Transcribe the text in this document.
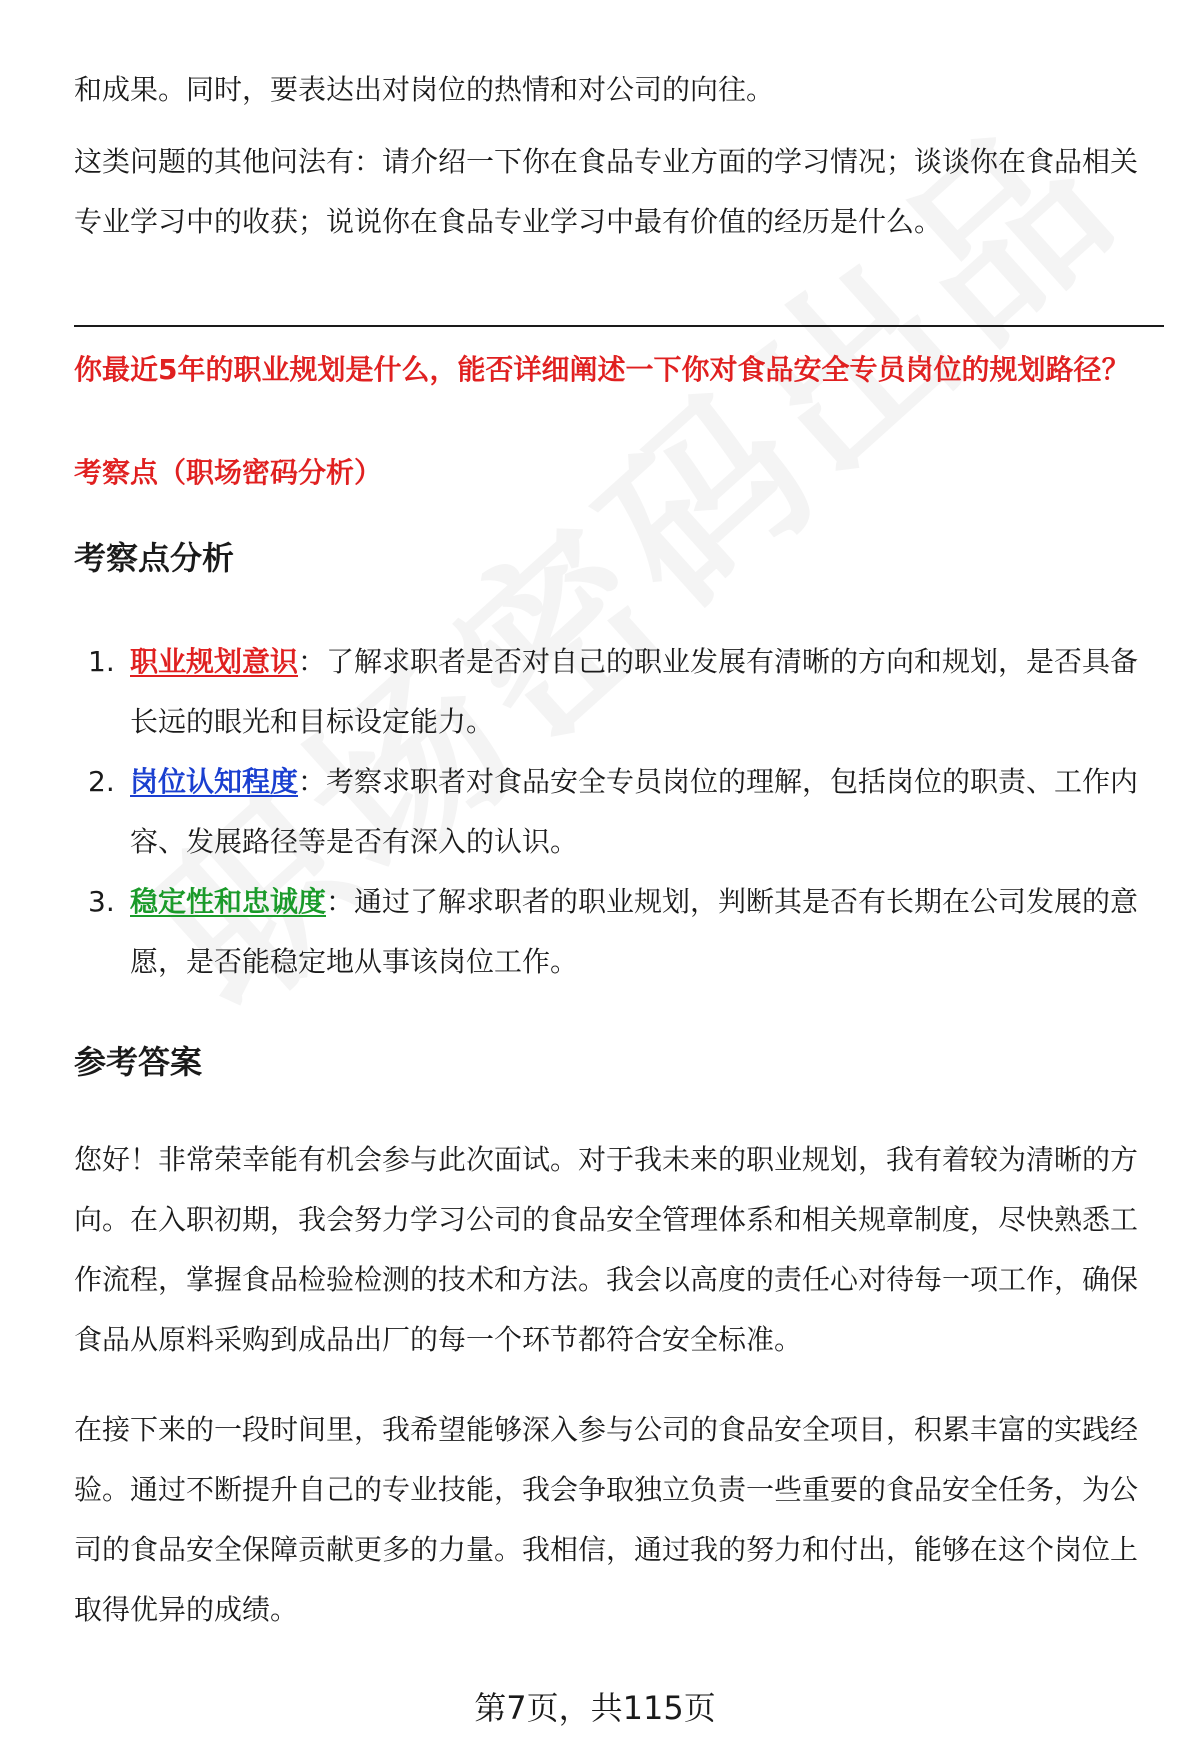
和成果。同时，要表达出对岗位的热情和对公司的向往。

这类问题的其他问法有：请介绍一下你在食品专业方面的学习情况；谈谈你在食品相关专业学习中的收获；说说你在食品专业学习中最有价值的经历是什么。

你最近5年的职业规划是什么，能否详细阐述一下你对食品安全专员岗位的规划路径？

考察点（职场密码分析）

考察点分析
1. 职业规划意识：了解求职者是否对自己的职业发展有清晰的方向和规划，是否具备长远的眼光和目标设定能力。
2. 岗位认知程度：考察求职者对食品安全专员岗位的理解，包括岗位的职责、工作内容、发展路径等是否有深入的认识。
3. 稳定性和忠诚度：通过了解求职者的职业规划，判断其是否有长期在公司发展的意愿，是否能稳定地从事该岗位工作。
参考答案

您好！非常荣幸能有机会参与此次面试。对于我未来的职业规划，我有着较为清晰的方向。在入职初期，我会努力学习公司的食品安全管理体系和相关规章制度，尽快熟悉工作流程，掌握食品检验检测的技术和方法。我会以高度的责任心对待每一项工作，确保食品从原料采购到成品出厂的每一个环节都符合安全标准。

在接下来的一段时间里，我希望能够深入参与公司的食品安全项目，积累丰富的实践经验。通过不断提升自己的专业技能，我会争取独立负责一些重要的食品安全任务，为公司的食品安全保障贡献更多的力量。我相信，通过我的努力和付出，能够在这个岗位上取得优异的成绩。

第7页，共115页
